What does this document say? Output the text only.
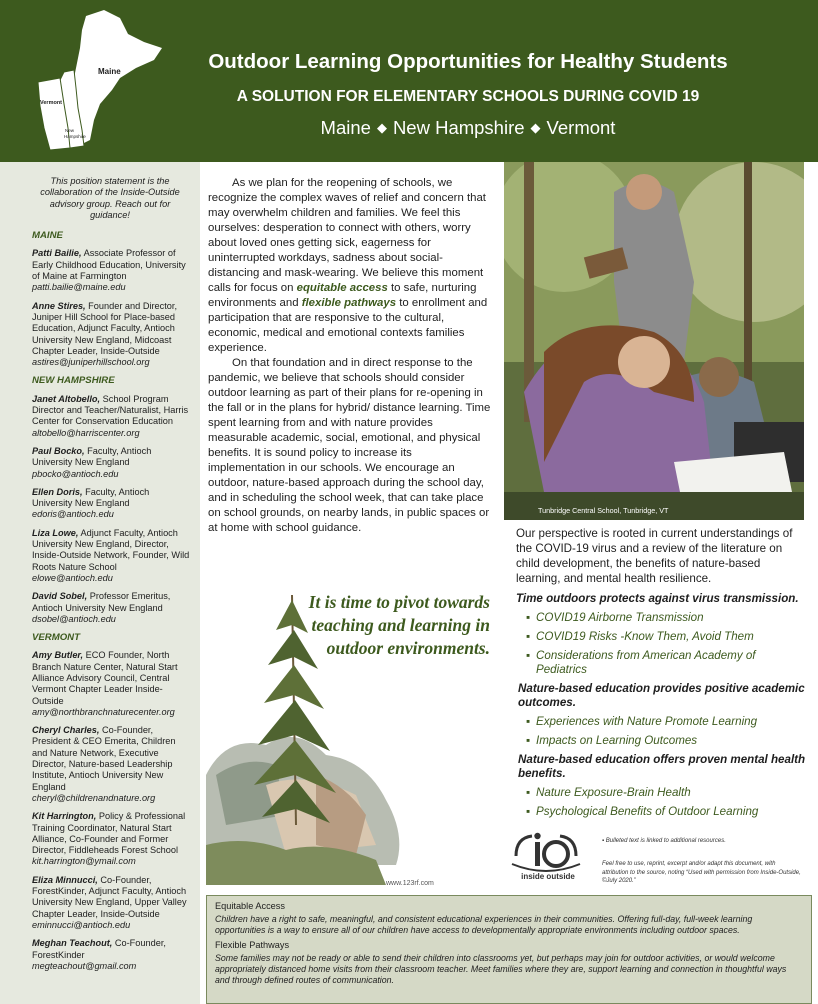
Maine
Vermont
New
Hampshire
Outdoor Learning Opportunities for Healthy Students
A SOLUTION FOR ELEMENTARY SCHOOLS DURING COVID 19
Maine ◆ New Hampshire ◆ Vermont
This position statement is the collaboration of the Inside-Outside advisory group. Reach out for guidance!
MAINE
Patti Bailie, Associate Professor of Early Childhood Education, University of Maine at Farmington
patti.bailie@maine.edu
Anne Stires, Founder and Director, Juniper Hill School for Place-based Education, Adjunct Faculty, Antioch University New England, Midcoast Chapter Leader, Inside-Outside
astires@juniperhillschool.org
NEW HAMPSHIRE
Janet Altobello, School Program Director and Teacher/Naturalist, Harris Center for Conservation Education
altobello@harriscenter.org
Paul Bocko, Faculty, Antioch University New England
pbocko@antioch.edu
Ellen Doris, Faculty, Antioch University New England
edoris@antioch.edu
Liza Lowe, Adjunct Faculty, Antioch University New England, Director, Inside-Outside Network, Founder, Wild Roots Nature School
elowe@antioch.edu
David Sobel, Professor Emeritus, Antioch University New England
dsobel@antioch.edu
VERMONT
Amy Butler, ECO Founder, North Branch Nature Center, Natural Start Alliance Advisory Council, Central Vermont Chapter Leader Inside-Outside
amy@northbranchnaturecenter.org
Cheryl Charles, Co-Founder, President & CEO Emerita, Children and Nature Network, Executive Director, Nature-based Leadership Institute, Antioch University New England
cheryl@childrenandnature.org
Kit Harrington, Policy & Professional Training Coordinator, Natural Start Alliance, Co-Founder and Former Director, Fiddleheads Forest School
kit.harrington@ymail.com
Eliza Minnucci, Co-Founder, ForestKinder, Adjunct Faculty, Antioch University New England, Upper Valley Chapter Leader, Inside-Outside
eminnucci@antioch.edu
Meghan Teachout, Co-Founder, ForestKinder
megteachout@gmail.com

As we plan for the reopening of schools, we recognize the complex waves of relief and concern that may overwhelm children and families. We feel this ourselves: desperation to connect with others, worry about loved ones getting sick, eagerness for uninterrupted workdays, sadness about social-distancing and mask-wearing. We believe this moment calls for focus on equitable access to safe, nurturing environments and flexible pathways to enrollment and participation that are responsive to the cultural, economic, medical and emotional contexts families experience.

On that foundation and in direct response to the pandemic, we believe that schools should consider outdoor learning as part of their plans for re-opening in the fall or in the plans for hybrid/ distance learning. Time spent learning from and with nature provides measurable academic, social, emotional, and physical benefits. It is sound policy to increase its implementation in our schools. We encourage an outdoor, nature-based approach during the school day, and in scheduling the school week, that can take place on school grounds, on nearby lands, in public spaces or at home with school guidance.

www.123rf.com
It is time to pivot towards teaching and learning in outdoor environments.
Tunbridge Central School, Tunbridge, VT
Our perspective is rooted in current understandings of the COVID-19 virus and a review of the literature on child development, the benefits of nature-based learning, and mental health resilience.
Time outdoors protects against virus transmission.
▪ COVID19 Airborne Transmission
▪ COVID19 Risks -Know Them, Avoid Them
▪ Considerations from American Academy of Pediatrics
Nature-based education provides positive academic outcomes.
▪ Experiences with Nature Promote Learning
▪ Impacts on Learning Outcomes
Nature-based education offers proven mental health benefits.
▪ Nature Exposure-Brain Health
▪ Psychological Benefits of Outdoor Learning
inside outside
▪ Bulleted text is linked to additional resources.
Feel free to use, reprint, excerpt and/or adapt this document, with attribution to the source, noting “Used with permission from Inside-Outside, ©July 2020.”
Equitable Access
Children have a right to safe, meaningful, and consistent educational experiences in their communities. Offering full-day, full-week learning opportunities is a way to ensure all of our children have access to developmentally appropriate environments including outdoor spaces.
Flexible Pathways
Some families may not be ready or able to send their children into classrooms yet, but perhaps may join for outdoor activities, or would welcome appropriately distanced home visits from their classroom teacher. Meet families where they are, support learning and connection in thoughtful ways and through defined routes of communication.
